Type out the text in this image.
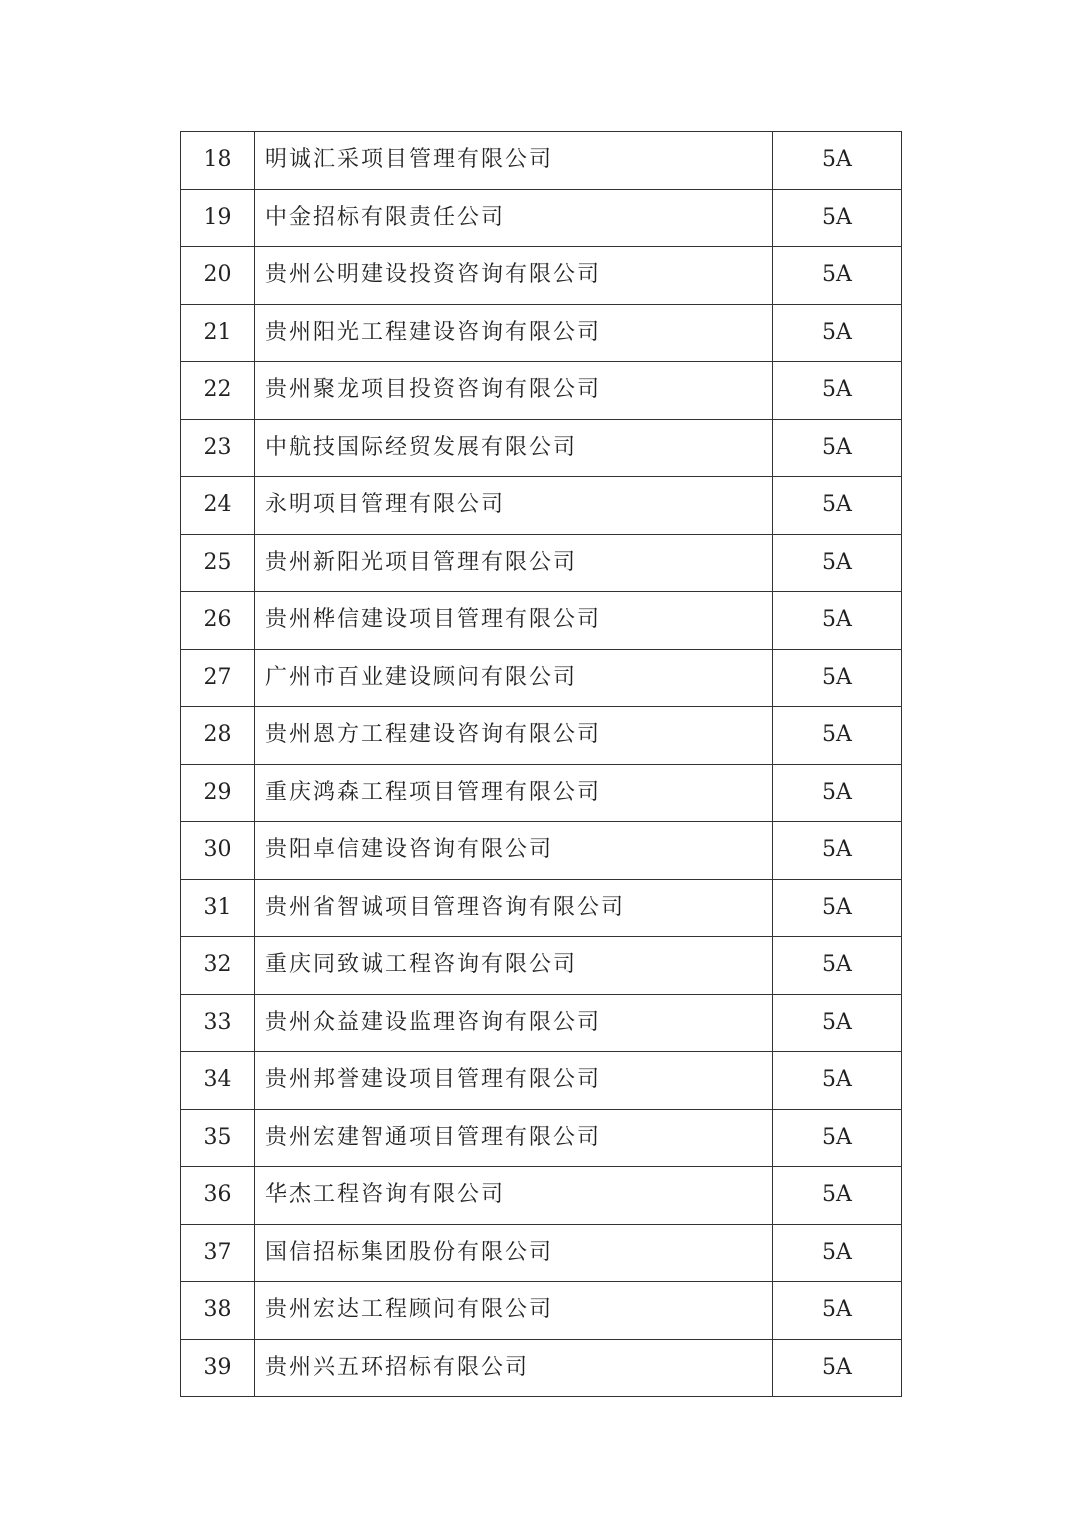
18	明诚汇采项目管理有限公司	5A
19	中金招标有限责任公司	5A
20	贵州公明建设投资咨询有限公司	5A
21	贵州阳光工程建设咨询有限公司	5A
22	贵州聚龙项目投资咨询有限公司	5A
23	中航技国际经贸发展有限公司	5A
24	永明项目管理有限公司	5A
25	贵州新阳光项目管理有限公司	5A
26	贵州桦信建设项目管理有限公司	5A
27	广州市百业建设顾问有限公司	5A
28	贵州恩方工程建设咨询有限公司	5A
29	重庆鸿森工程项目管理有限公司	5A
30	贵阳卓信建设咨询有限公司	5A
31	贵州省智诚项目管理咨询有限公司	5A
32	重庆同致诚工程咨询有限公司	5A
33	贵州众益建设监理咨询有限公司	5A
34	贵州邦誉建设项目管理有限公司	5A
35	贵州宏建智通项目管理有限公司	5A
36	华杰工程咨询有限公司	5A
37	国信招标集团股份有限公司	5A
38	贵州宏达工程顾问有限公司	5A
39	贵州兴五环招标有限公司	5A
